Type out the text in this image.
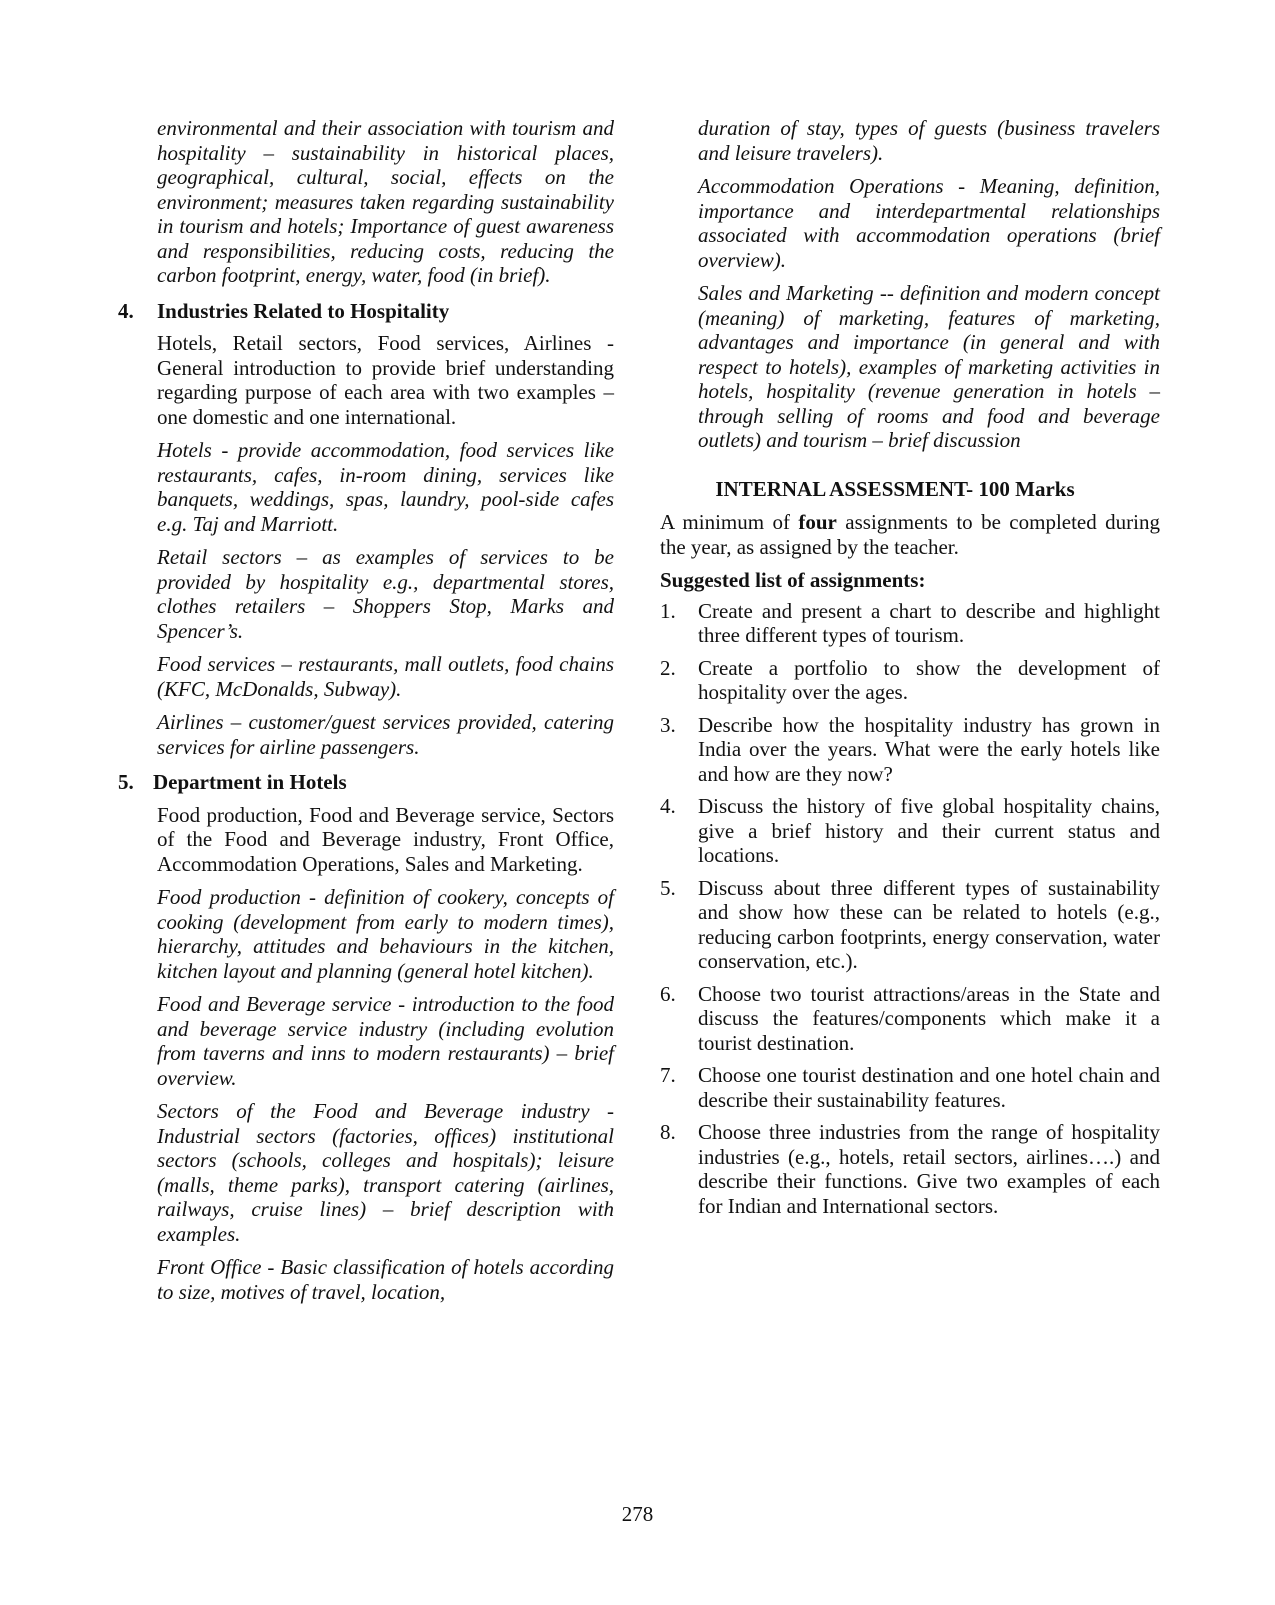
environmental and their association with tourism and hospitality – sustainability in historical places, geographical, cultural, social, effects on the environment; measures taken regarding sustainability in tourism and hotels; Importance of guest awareness and responsibilities, reducing costs, reducing the carbon footprint, energy, water, food (in brief).

4.	Industries Related to Hospitality

Hotels, Retail sectors, Food services, Airlines - General introduction to provide brief understanding regarding purpose of each area with two examples – one domestic and one international.

Hotels - provide accommodation, food services like restaurants, cafes, in-room dining, services like banquets, weddings, spas, laundry, pool-side cafes e.g. Taj and Marriott.

Retail sectors – as examples of services to be provided by hospitality e.g., departmental stores, clothes retailers – Shoppers Stop, Marks and Spencer’s.

Food services – restaurants, mall outlets, food chains (KFC, McDonalds, Subway).

Airlines – customer/guest services provided, catering services for airline passengers.

5. Department in Hotels

Food production, Food and Beverage service, Sectors of the Food and Beverage industry, Front Office, Accommodation Operations, Sales and Marketing.

Food production - definition of cookery, concepts of cooking (development from early to modern times), hierarchy, attitudes and behaviours in the kitchen, kitchen layout and planning (general hotel kitchen).

Food and Beverage service - introduction to the food and beverage service industry (including evolution from taverns and inns to modern restaurants) – brief overview.

Sectors of the Food and Beverage industry - Industrial sectors (factories, offices) institutional sectors (schools, colleges and hospitals); leisure (malls, theme parks), transport catering (airlines, railways, cruise lines) – brief description with examples.

Front Office - Basic classification of hotels according to size, motives of travel, location,

duration of stay, types of guests (business travelers and leisure travelers).

Accommodation Operations - Meaning, definition, importance and interdepartmental relationships associated with accommodation operations (brief overview).

Sales and Marketing -- definition and modern concept (meaning) of marketing, features of marketing, advantages and importance (in general and with respect to hotels), examples of marketing activities in hotels, hospitality (revenue generation in hotels – through selling of rooms and food and beverage outlets) and tourism – brief discussion

INTERNAL ASSESSMENT- 100 Marks

A minimum of four assignments to be completed during the year, as assigned by the teacher.

Suggested list of assignments:

1.	Create and present a chart to describe and highlight three different types of tourism.
2.	Create a portfolio to show the development of hospitality over the ages.
3.	Describe how the hospitality industry has grown in India over the years. What were the early hotels like and how are they now?
4.	Discuss the history of five global hospitality chains, give a brief history and their current status and locations.
5.	Discuss about three different types of sustainability and show how these can be related to hotels (e.g., reducing carbon footprints, energy conservation, water conservation, etc.).
6.	Choose two tourist attractions/areas in the State and discuss the features/components which make it a tourist destination.
7.	Choose one tourist destination and one hotel chain and describe their sustainability features.
8.	Choose three industries from the range of hospitality industries (e.g., hotels, retail sectors, airlines….) and describe their functions. Give two examples of each for Indian and International sectors.
278
